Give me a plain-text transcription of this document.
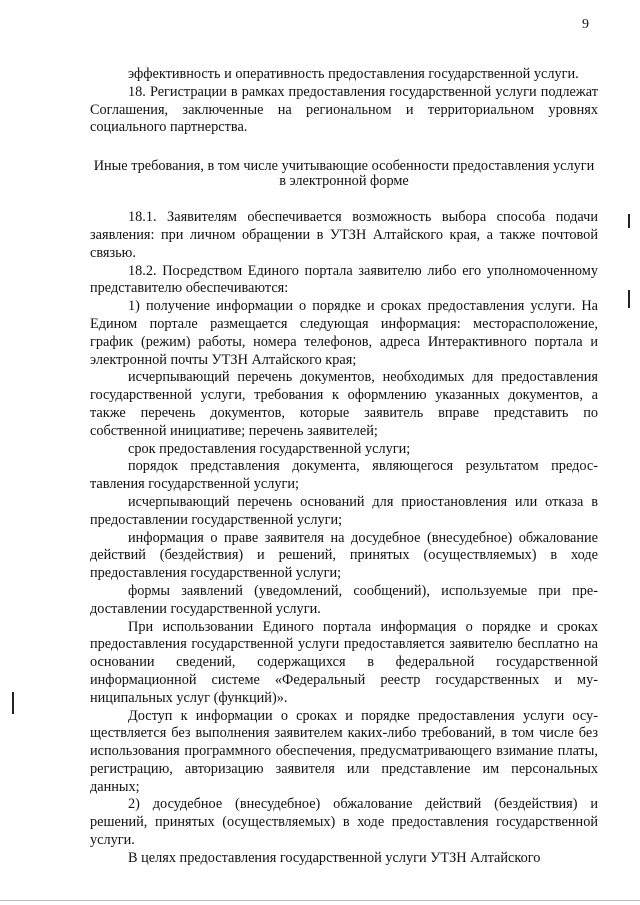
9

эффективность и оперативность предоставления государственной услуги.

18. Регистрации в рамках предоставления государственной услуги подлежат Соглашения, заключенные на региональном и территориальном уровнях социального партнерства.

Иные требования, в том числе учитывающие особенности предоставления услуги в электронной форме

18.1. Заявителям обеспечивается возможность выбора способа подачи заявления: при личном обращении в УТЗН Алтайского края, а также почтовой связью.

18.2. Посредством Единого портала заявителю либо его уполномоченному представителю обеспечиваются:

1) получение информации о порядке и сроках предоставления услуги. На Едином портале размещается следующая информация: месторасположение, график (режим) работы, номера телефонов, адреса Интерактивного портала и электронной почты УТЗН Алтайского края;

исчерпывающий перечень документов, необходимых для предоставления государственной услуги, требования к оформлению указанных документов, а также перечень документов, которые заявитель вправе представить по собственной инициативе; перечень заявителей;

срок предоставления государственной услуги;

порядок представления документа, являющегося результатом предоставления государственной услуги;

исчерпывающий перечень оснований для приостановления или отказа в предоставлении государственной услуги;

информация о праве заявителя на досудебное (внесудебное) обжалование действий (бездействия) и решений, принятых (осуществляемых) в ходе предоставления государственной услуги;

формы заявлений (уведомлений, сообщений), используемые при предоставлении государственной услуги.

При использовании Единого портала информация о порядке и сроках предоставления государственной услуги предоставляется заявителю бесплатно на основании сведений, содержащихся в федеральной государственной информационной системе «Федеральный реестр государственных и муниципальных услуг (функций)».

Доступ к информации о сроках и порядке предоставления услуги осуществляется без выполнения заявителем каких-либо требований, в том числе без использования программного обеспечения, предусматривающего взимание платы, регистрацию, авторизацию заявителя или представление им персональных данных;

2) досудебное (внесудебное) обжалование действий (бездействия) и решений, принятых (осуществляемых) в ходе предоставления государственной услуги.

В целях предоставления государственной услуги УТЗН Алтайского
